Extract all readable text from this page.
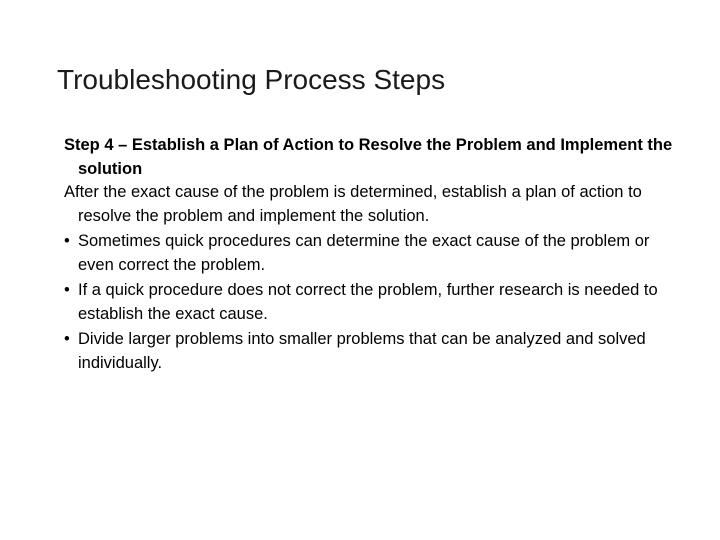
Troubleshooting Process Steps

Step 4 – Establish a Plan of Action to Resolve the Problem and Implement the solution

After the exact cause of the problem is determined, establish a plan of action to resolve the problem and implement the solution.

• Sometimes quick procedures can determine the exact cause of the problem or even correct the problem.

• If a quick procedure does not correct the problem, further research is needed to establish the exact cause.

• Divide larger problems into smaller problems that can be analyzed and solved individually.
